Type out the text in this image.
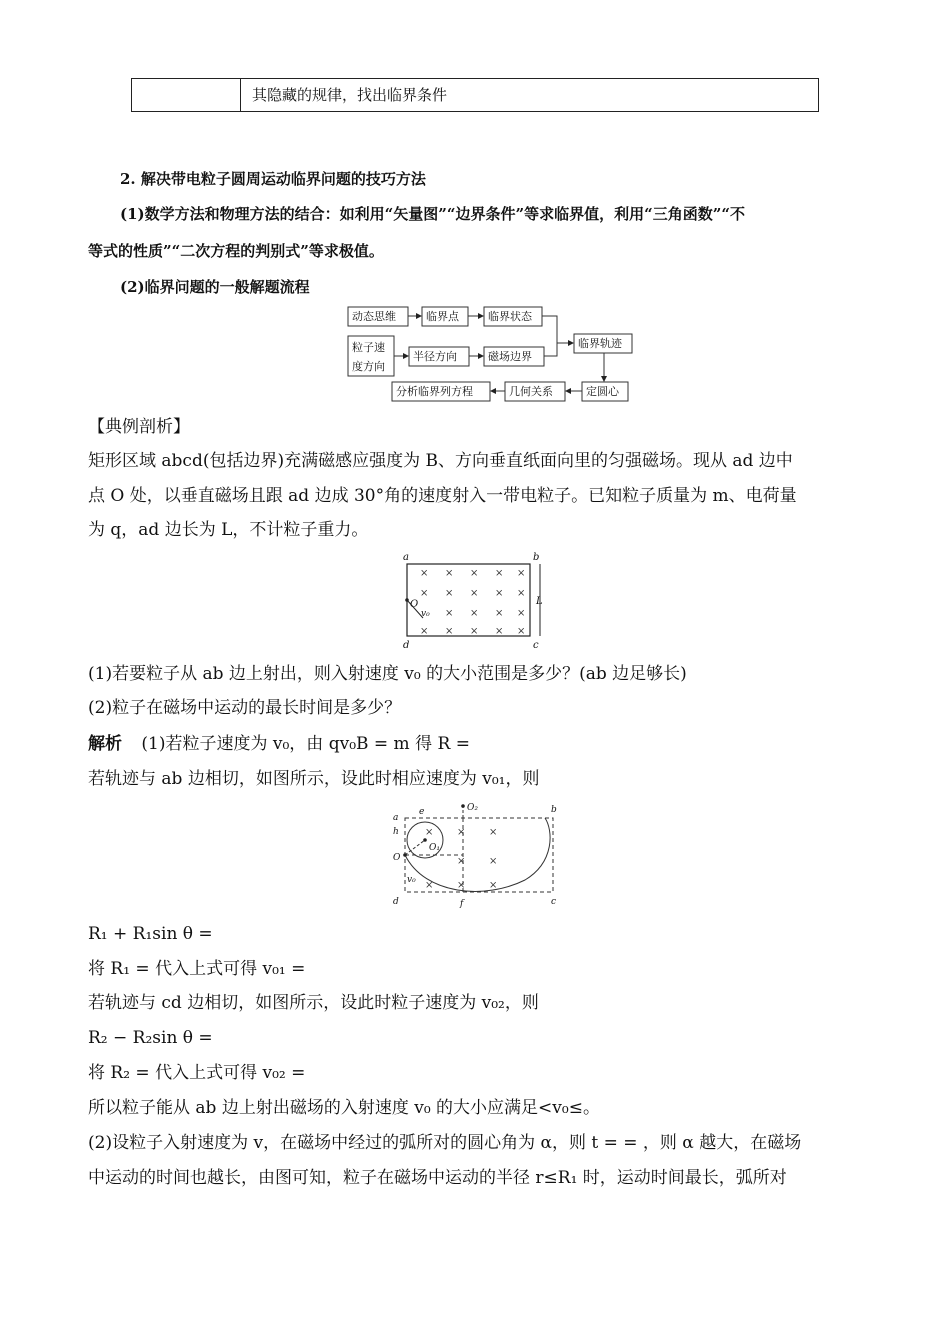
其隐藏的规律，找出临界条件
2. 解决带电粒子圆周运动临界问题的技巧方法
(1)数学方法和物理方法的结合：如利用“矢量图”“边界条件”等求临界值，利用“三角函数”“不
等式的性质”“二次方程的判别式”等求极值。
(2)临界问题的一般解题流程
动态思维	临界点	临界状态
粒子速
度方向
半径方向	磁场边界
临界轨迹
定圆心
几何关系
分析临界列方程
【典例剖析】
矩形区域 abcd(包括边界)充满磁感应强度为 B、方向垂直纸面向里的匀强磁场。现从 ad 边中
点 O 处，以垂直磁场且跟 ad 边成 30°角的速度射入一带电粒子。已知粒子质量为 m、电荷量
为 q，ad 边长为 L，不计粒子重力。
× × × × ×
× × × × ×
× × × ×
× × × × ×
a	b
c
d
O
v₀
L
(1)若要粒子从 ab 边上射出，则入射速度 v₀ 的大小范围是多少？(ab 边足够长)
(2)粒子在磁场中运动的最长时间是多少？
解析 (1)若粒子速度为 v₀，由 qv₀B = m 得 R =
若轨迹与 ab 边相切，如图所示，设此时相应速度为 v₀₁，则
× × ×
× ×
× × ×
a
b
c
d
e
f
h
O
O₁
O₂
v₀
R₁ + R₁sin θ =
将 R₁ = 代入上式可得 v₀₁ =
若轨迹与 cd 边相切，如图所示，设此时粒子速度为 v₀₂，则
R₂ − R₂sin θ =
将 R₂ = 代入上式可得 v₀₂ =
所以粒子能从 ab 边上射出磁场的入射速度 v₀ 的大小应满足<v₀≤。
(2)设粒子入射速度为 v，在磁场中经过的弧所对的圆心角为 α，则 t = = ，则 α 越大，在磁场
中运动的时间也越长，由图可知，粒子在磁场中运动的半径 r≤R₁ 时，运动时间最长，弧所对
